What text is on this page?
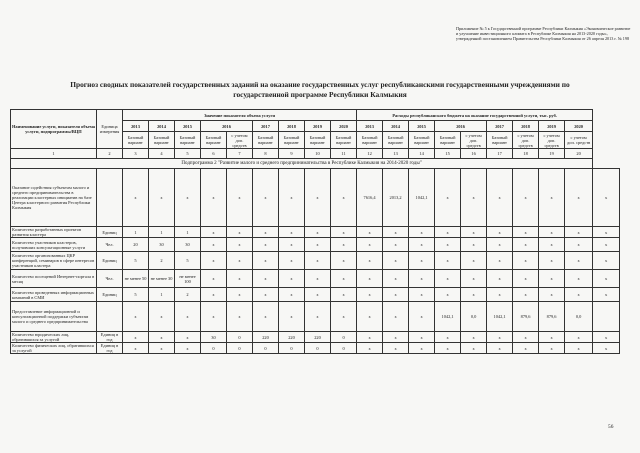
Приложение № 5 к Государственной программе Республики Калмыкия «Экономическое развитие и улучшение инвестиционного климата в Республике Калмыкия на 2013-2020 годы», утвержденной постановлением Правительства Республики Калмыкия от 26 апреля 2013 г. № 198
Прогноз сводных показателей государственных заданий на оказание государственных услуг республиканскими государственными учреждениями по
государственной программе Республики Калмыкия
Наименование услуги, показателя объема услуги, подпрограммы/ВЦП	Единица измерения	Значение показателя объема услуги									Расходы республиканского бюджета на оказание государственной услуги, тыс. руб.									
		2013	2014	2015	2016		2017	2018	2019	2020	2013	2014	2015	2016		2017	2018	2019	2020	
		Базовый вариант	Базовый вариант	Базовый вариант	Базовый вариант	с учетом доп. средств	Базовый вариант	Базовый вариант	Базовый вариант	Базовый вариант	Базовый вариант	Базовый вариант	Базовый вариант	Базовый вариант	с учетом доп. средств	Базовый вариант	с учетом доп. средств	с учетом доп. средств	с учетом доп. средств	
1	2	3	4	5	6	7	8	9	10	11	12	13	14	15	16	17	18	19	20	
Подпрограмма 2 "Развитие малого и среднего предпринимательства в Республике Калмыкия на 2014-2020 годы"																				
Оказание содействия субъектам малого и среднего предпринимательства в реализации кластерных инициатив на базе Центра кластерного развития Республики Калмыкия		x	x	x	x	x	x	x	x	x	7616,4	2013,2	1042,1	x	x	x	x	x	x	x
Количество разработанных проектов развития кластера	Единиц	1	1	1	x	x	x	x	x	x	x	x	x	x	x	x	x	x	x	x
Количество участников кластеров, получивших консультационные услуги	Чел.	20	30	30	x	x	x	x	x	x	x	x	x	x	x	x	x	x	x	x
Количество организованных ЦКР конференций, семинаров в сфере интересов участников кластера	Единиц	5	2	5	x	x	x	x	x	x	x	x	x	x	x	x	x	x	x	x
Количество посещений Интернет-портала в месяц	Чел.	не менее 50	не менее 30	не менее 100	x	x	x	x	x	x	x	x	x	x	x	x	x	x	x	x
Количество проведенных информационных компаний в СМИ	Единиц	5	1	2	x	x	x	x	x	x	x	x	x	x	x	x	x	x	x	x
Предоставление информационной и консультационной поддержки субъектам малого и среднего предпринимательства		x	x	x	x	x	x	x	x	x	x	x	x	1042,1	0,0	1042,1	879,6	879,6	0,0	
Количество юридических лиц, обратившихся за услугой	Единиц в год	x	x	x	30	0	220	220	220	0	x	x	x	x	x	x	x	x	x	x
Количество физических лиц, обратившихся за услугой	Единиц в год	x	x	x	0	0	0	0	0	0	x	x	x	x	x	x	x	x	x	x
56
